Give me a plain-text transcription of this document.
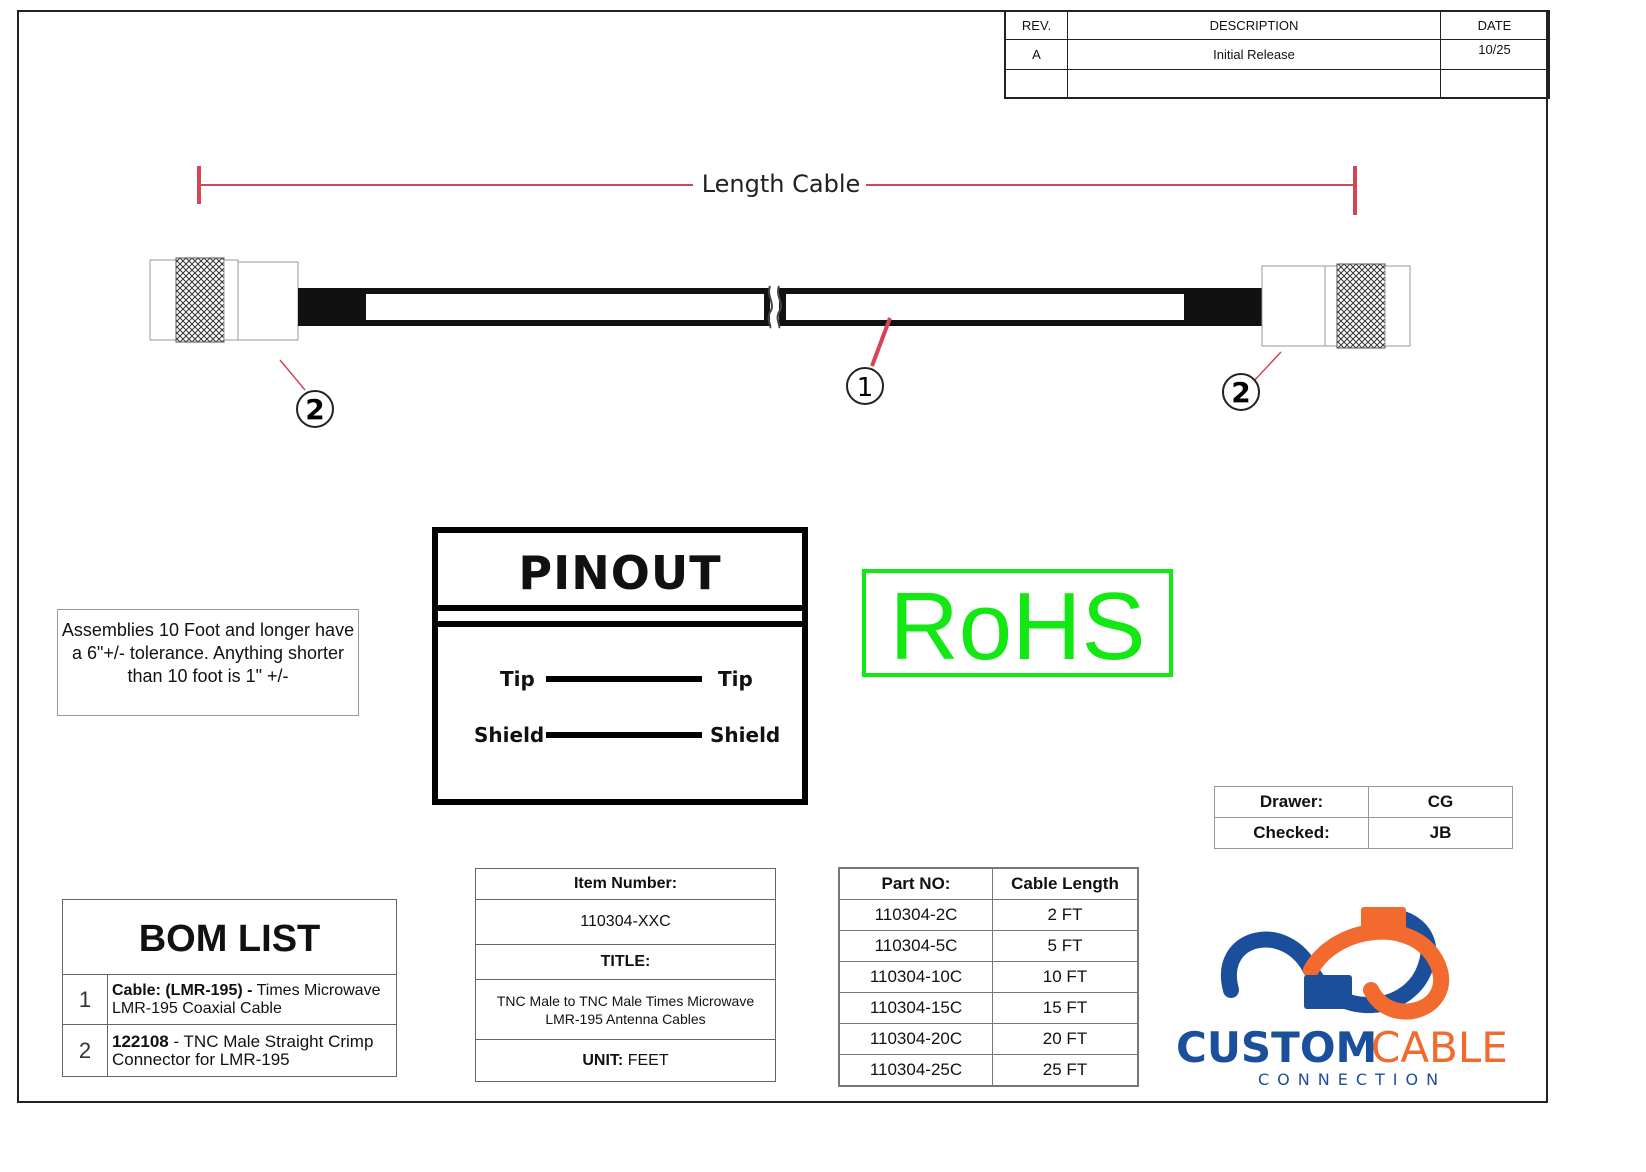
REV.	DESCRIPTION	DATE
A	Initial Release	10/25

Length Cable
2
1	2
Assemblies 10 Foot and longer have a 6"+/- tolerance. Anything shorter than 10 foot is 1" +/-
PINOUT
Tip	Tip
Shield	Shield
RoHS
Drawer:	CG
Checked:	JB
BOM LIST	
1	Cable: (LMR-195) - Times Microwave LMR-195 Coaxial Cable
2	122108 - TNC Male Straight Crimp Connector for LMR-195
Item Number:
110304-XXC
TITLE:
TNC Male to TNC Male Times Microwave LMR-195 Antenna Cables
UNIT: FEET
Part NO:	Cable Length
110304-2C	2 FT
110304-5C	5 FT
110304-10C	10 FT
110304-15C	15 FT
110304-20C	20 FT
110304-25C	25 FT CUSTOM
CABLE
CONNECTION
